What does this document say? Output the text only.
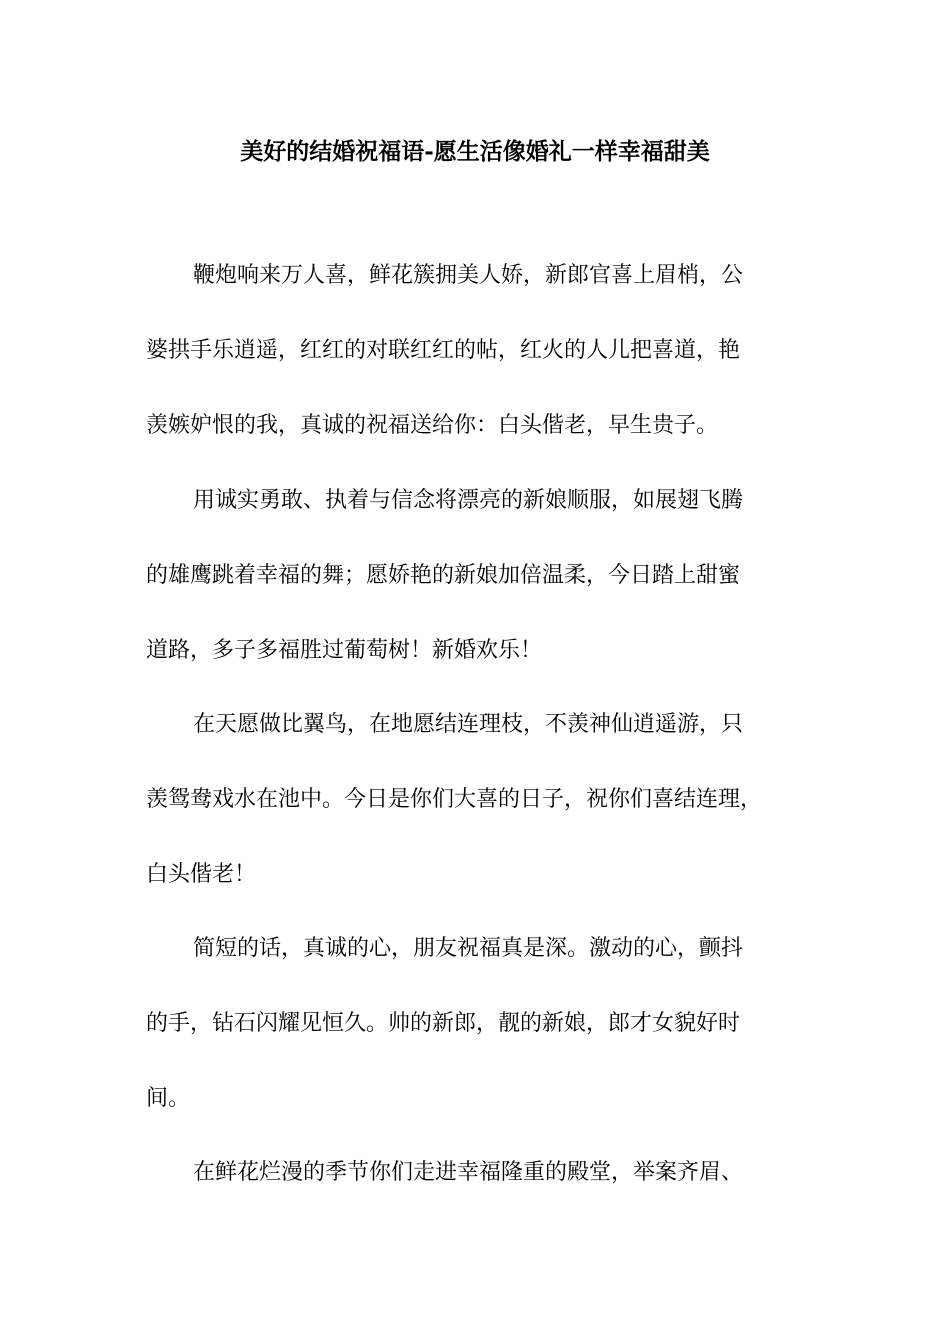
美好的结婚祝福语-愿生活像婚礼一样幸福甜美
鞭炮响来万人喜，鲜花簇拥美人娇，新郎官喜上眉梢，公
婆拱手乐逍遥，红红的对联红红的帖，红火的人儿把喜道，艳
羡嫉妒恨的我，真诚的祝福送给你：白头偕老，早生贵子。
用诚实勇敢、执着与信念将漂亮的新娘顺服，如展翅飞腾
的雄鹰跳着幸福的舞；愿娇艳的新娘加倍温柔，今日踏上甜蜜
道路，多子多福胜过葡萄树！新婚欢乐！
在天愿做比翼鸟，在地愿结连理枝，不羡神仙逍遥游，只
羡鸳鸯戏水在池中。今日是你们大喜的日子，祝你们喜结连理，
白头偕老！
简短的话，真诚的心，朋友祝福真是深。激动的心，颤抖
的手，钻石闪耀见恒久。帅的新郎，靓的新娘，郎才女貌好时
间。
在鲜花烂漫的季节你们走进幸福隆重的殿堂，举案齐眉、
